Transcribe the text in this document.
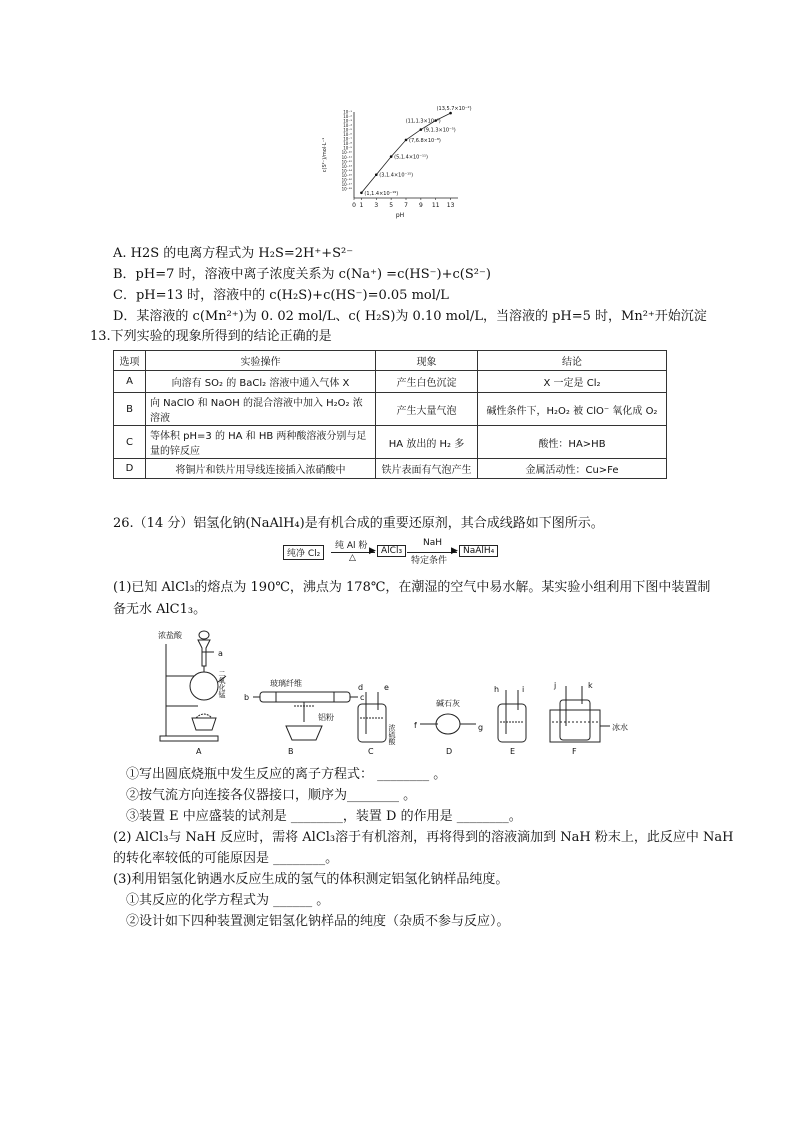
0 1 3 5 7 9 11 13
10⁻¹
10⁻²
10⁻³
10⁻⁴
10⁻⁵
10⁻⁶
10⁻⁷
10⁻⁸
10⁻⁹
10⁻¹⁰
10⁻¹¹
10⁻¹²
10⁻¹³
10⁻¹⁴
10⁻¹⁵
10⁻¹⁶
10⁻¹⁷
10⁻¹⁸
pH
c(S²⁻)/mol·L⁻¹
(1,1.4×10⁻¹⁹)
(3,1.4×10⁻¹⁵)
(5,1.4×10⁻¹¹)
(7,6.8×10⁻⁸)
(9,1.3×10⁻⁵)
(11,1.3×10⁻³)
(13,5.7×10⁻²)
A. H2S 的电离方程式为 H₂S=2H⁺+S²⁻
B．pH=7 时，溶液中离子浓度关系为 c(Na⁺) =c(HS⁻)+c(S²⁻)
C．pH=13 时，溶液中的 c(H₂S)+c(HS⁻)=0.05 mol/L
D．某溶液的 c(Mn²⁺)为 0. 02 mol/L、c( H₂S)为 0.10 mol/L，当溶液的 pH=5 时，Mn²⁺开始沉淀
13.下列实验的现象所得到的结论正确的是
选项	实验操作	现象	结论
A	向溶有 SO₂ 的 BaCl₂ 溶液中通入气体 X	产生白色沉淀	X 一定是 Cl₂
B	向 NaClO 和 NaOH 的混合溶液中加入 H₂O₂ 浓溶液	产生大量气泡	碱性条件下，H₂O₂ 被 ClO⁻ 氧化成 O₂
C	等体积 pH=3 的 HA 和 HB 两种酸溶液分别与足量的锌反应	HA 放出的 H₂ 多	酸性：HA>HB
D	将铜片和铁片用导线连接插入浓硝酸中	铁片表面有气泡产生	金属活动性：Cu>Fe
26.（14 分）铝氢化钠(NaAlH₄)是有机合成的重要还原剂，其合成线路如下图所示。
纯净 Cl₂
纯 Al 粉 ▶
△
AlCl₃
NaH
▶
特定条件
NaAlH₄
(1)已知 AlCl₃的熔点为 190℃，沸点为 178℃，在潮湿的空气中易水解。某实验小组利用下图中装置制
备无水 AlC1₃。
浓盐酸
a
二氧化锰	玻璃纤维
b	c
铝粉
d	e
浓硫酸
碱石灰
f	g
h	i	j	k
冰水
A	B	C	D	E	F
①写出圆底烧瓶中发生反应的离子方程式： ________ 。
②按气流方向连接各仪器接口，顺序为________ 。
③装置 E 中应盛装的试剂是 ________，装置 D 的作用是 ________。
(2) AlCl₃与 NaH 反应时，需将 AlCl₃溶于有机溶剂，再将得到的溶液滴加到 NaH 粉末上，此反应中 NaH
的转化率较低的可能原因是 ________。
(3)利用铝氢化钠遇水反应生成的氢气的体积测定铝氢化钠样品纯度。
①其反应的化学方程式为 ______ 。
②设计如下四种装置测定铝氢化钠样品的纯度（杂质不参与反应）。
